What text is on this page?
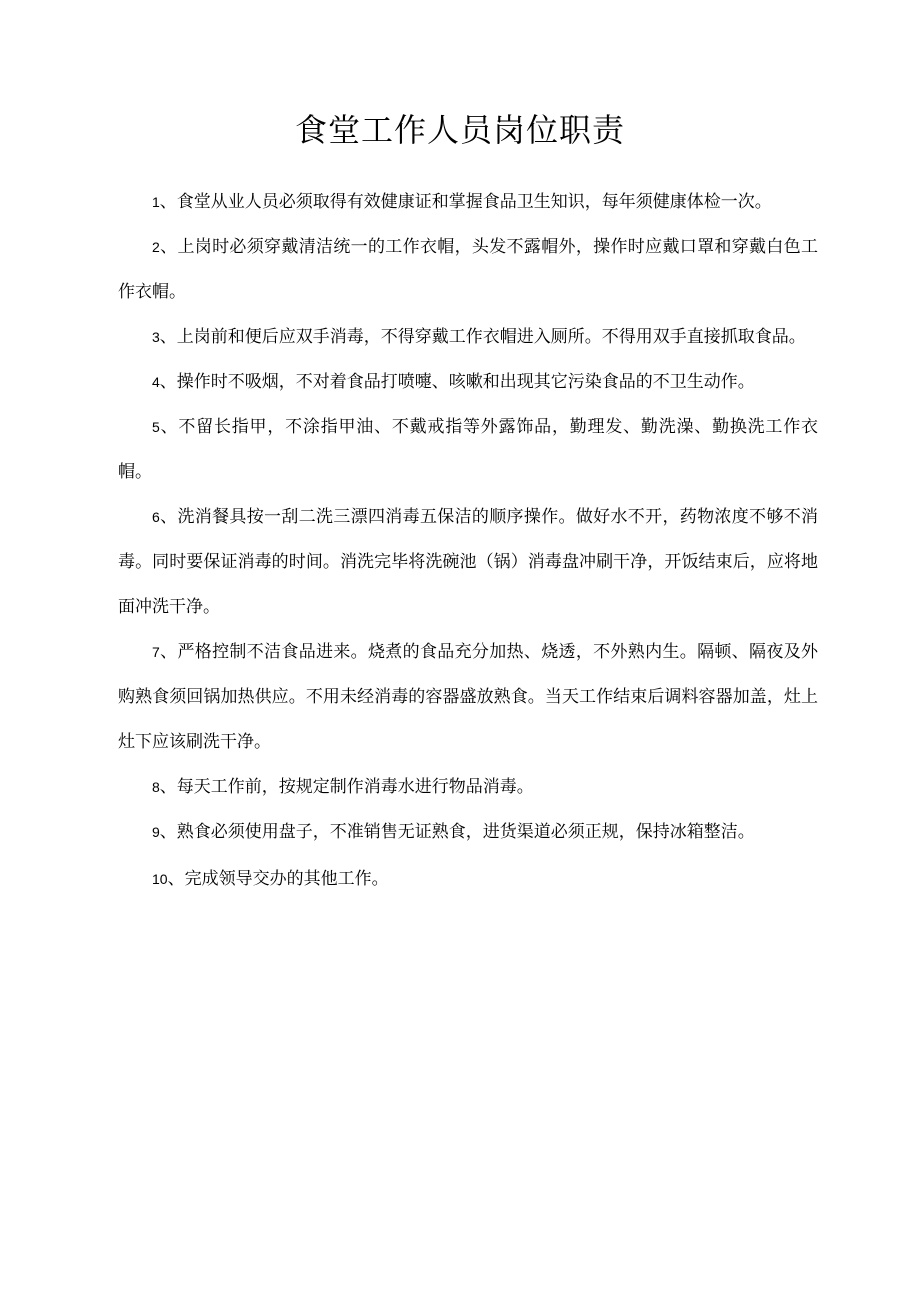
食堂工作人员岗位职责

1、食堂从业人员必须取得有效健康证和掌握食品卫生知识，每年须健康体检一次。

2、上岗时必须穿戴清洁统一的工作衣帽，头发不露帽外，操作时应戴口罩和穿戴白色工作衣帽。

3、上岗前和便后应双手消毒，不得穿戴工作衣帽进入厕所。不得用双手直接抓取食品。

4、操作时不吸烟，不对着食品打喷嚏、咳嗽和出现其它污染食品的不卫生动作。

5、不留长指甲，不涂指甲油、不戴戒指等外露饰品，勤理发、勤洗澡、勤换洗工作衣帽。

6、洗消餐具按一刮二洗三漂四消毒五保洁的顺序操作。做好水不开，药物浓度不够不消毒。同时要保证消毒的时间。消洗完毕将洗碗池（锅）消毒盘冲刷干净，开饭结束后，应将地面冲洗干净。

7、严格控制不洁食品进来。烧煮的食品充分加热、烧透，不外熟内生。隔顿、隔夜及外购熟食须回锅加热供应。不用未经消毒的容器盛放熟食。当天工作结束后调料容器加盖，灶上灶下应该刷洗干净。

8、每天工作前，按规定制作消毒水进行物品消毒。

9、熟食必须使用盘子，不准销售无证熟食，进货渠道必须正规，保持冰箱整洁。

10、完成领导交办的其他工作。
